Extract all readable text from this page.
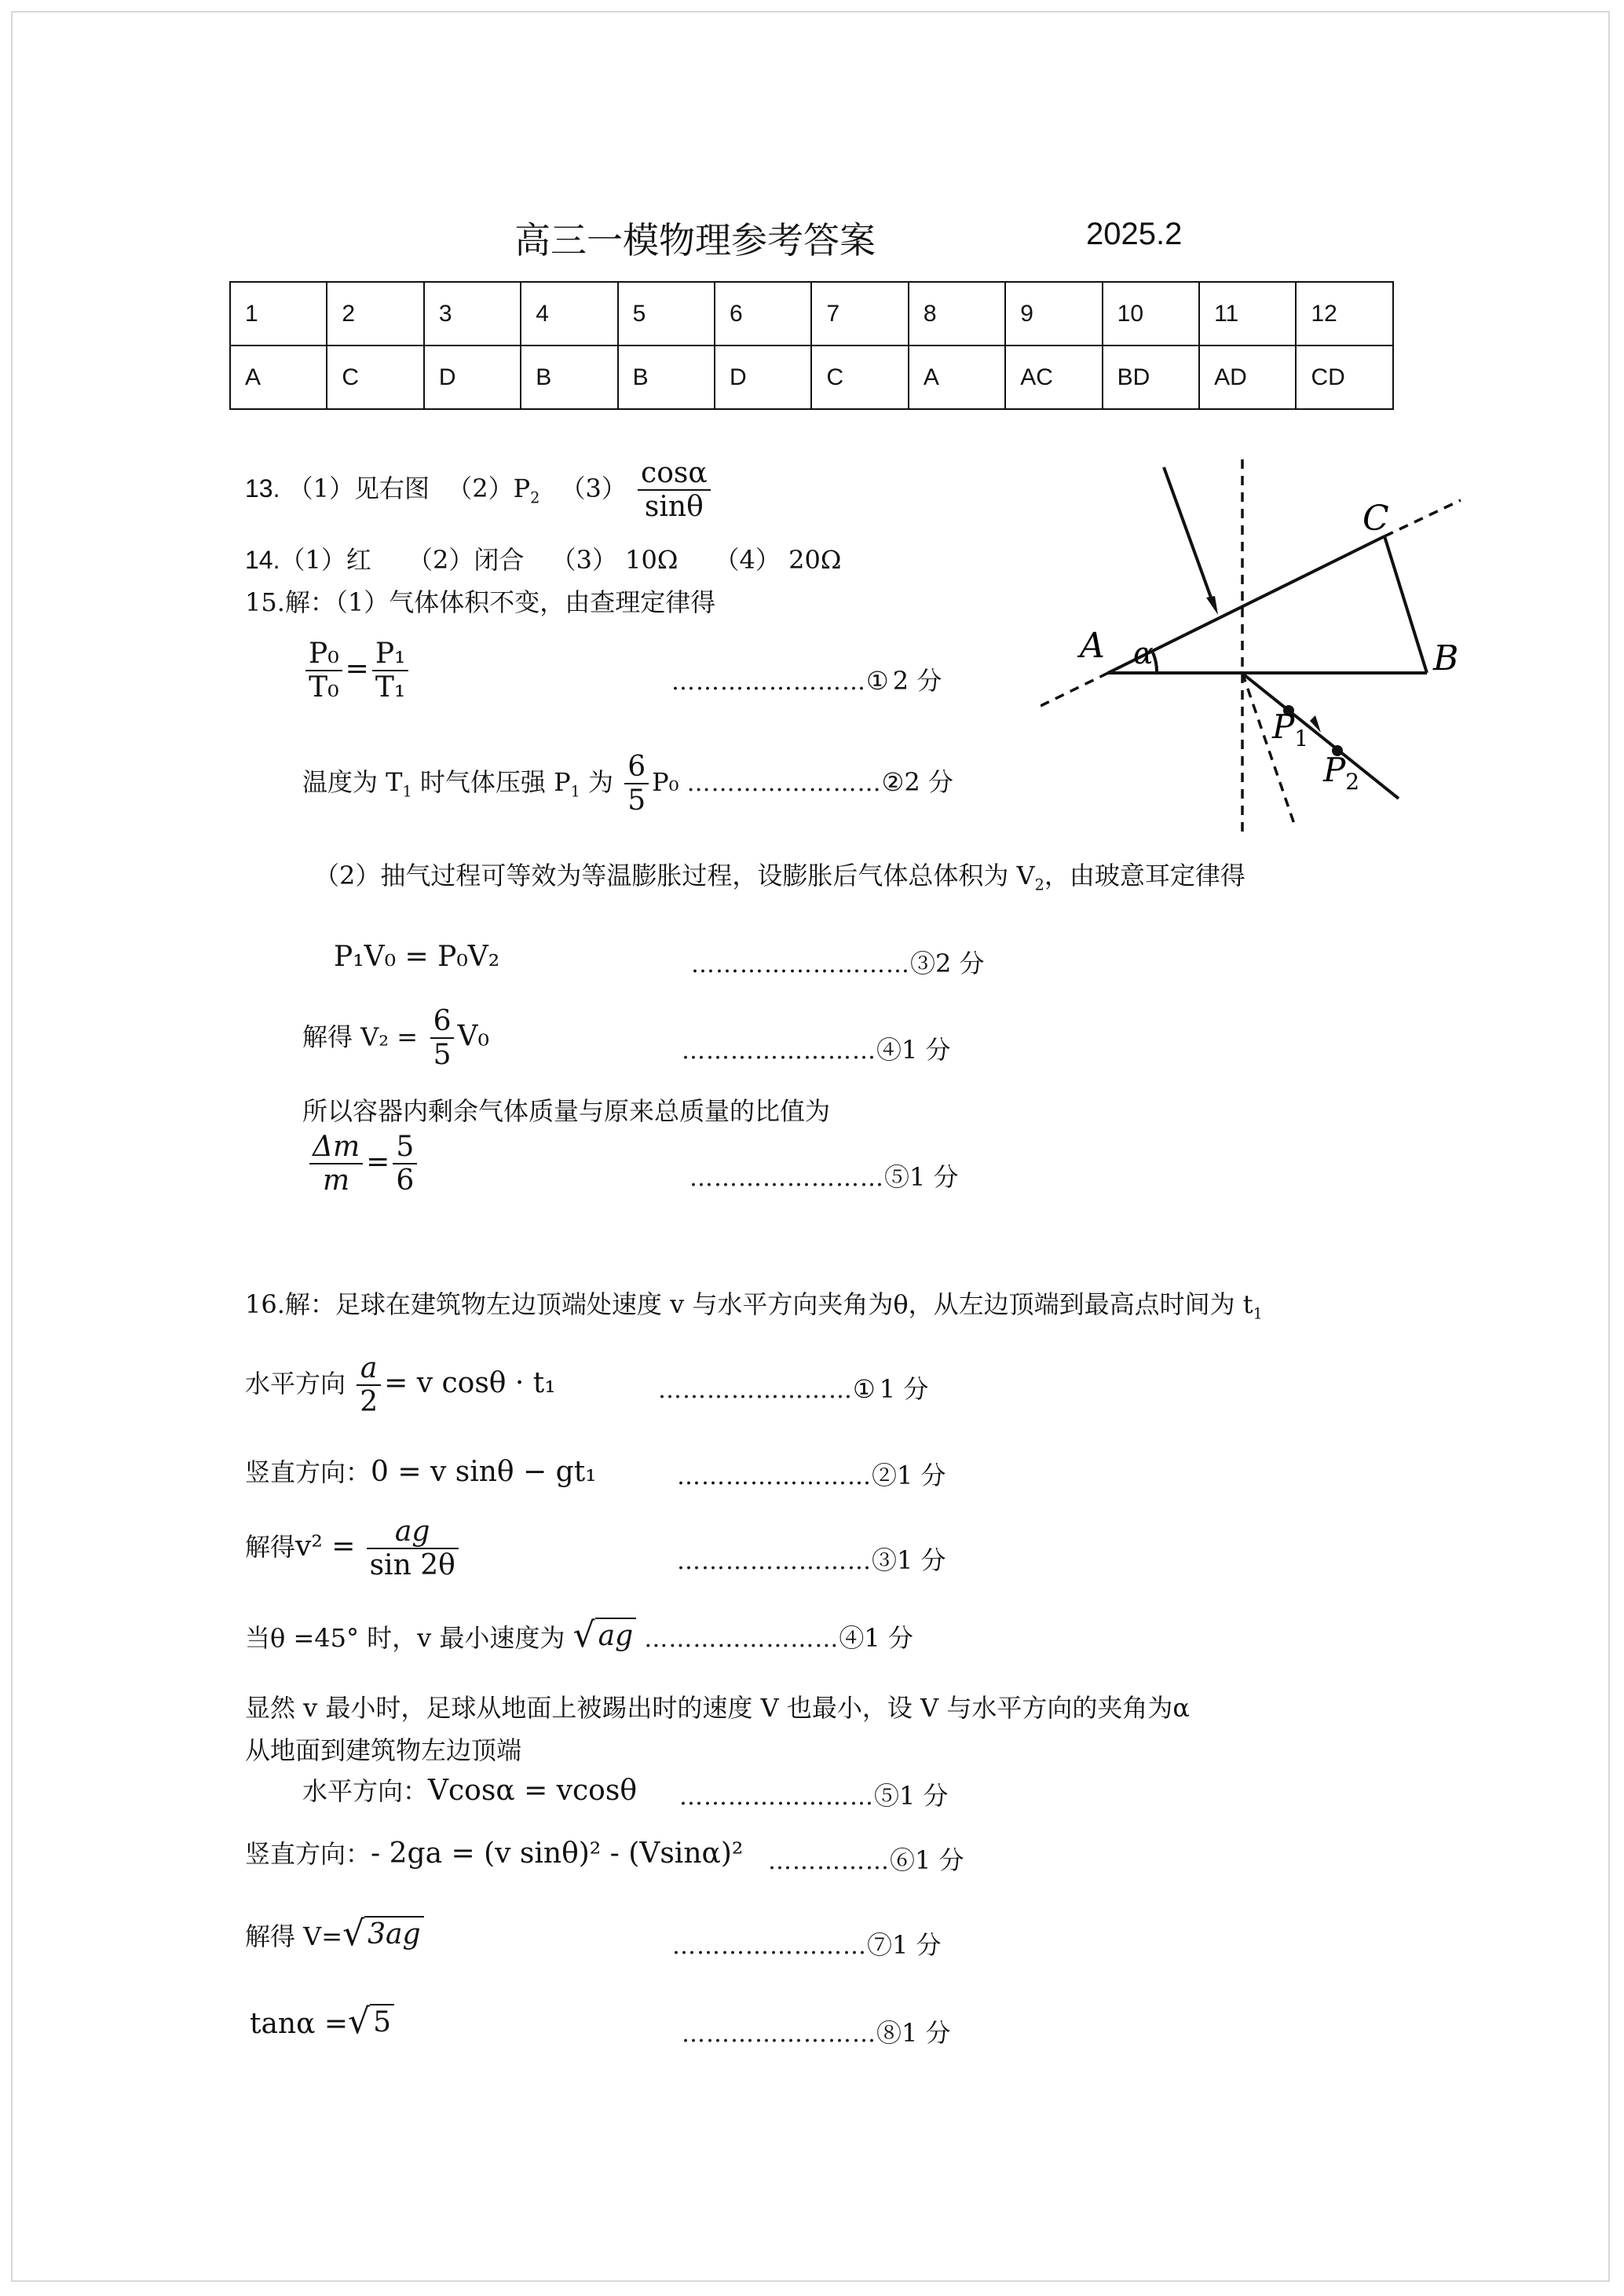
高三一模物理参考答案	2025.2
1	2	3	4	5	6	7	8	9	10	11	12
A	C	D	B	B	D	C	A	AC	BD	AD	CD
13. （1）见右图 $(2)P_2$ $(3) \frac{\cos\alpha}{\sin\theta}$
14.（1）红 （2）闭合 （3） 10Ω （4） 20Ω
15.解：（1）气体体积不变，由查理定律得
$\frac{\text{P₀}}{\text{T₀}} = \frac{\text{P₁}}{\text{T₁}}$	……………………① 2 分
温度为 $T_1$ 时气体压强 $P_1$ 为 $\frac{6}{5} P_0$ ……………………②2 分
（2）抽气过程可等效为等温膨胀过程，设膨胀后气体总体积为 $V_2$，由玻意耳定律得
P₁V₀ = P₀V₂	………………………③2 分
解得 $V_2 = \frac{6}{5} V_0$	……………………④1 分
所以容器内剩余气体质量与原来总质量的比值为
$\frac{\Delta m}{m} = \frac{5}{6}$	……………………⑤1 分
16.解：足球在建筑物左边顶端处速度 v 与水平方向夹角为θ，从左边顶端到最高点时间为 $t_1$
水平方向 $\frac{a}{2} = v$ cosθ · t₁	……………………① 1 分
竖直方向：0 = v sinθ − gt₁	……………………②1 分
解得$v^2 = \frac{ag}{\sin 2\theta}$	……………………③1 分
当θ =45° 时，v 最小速度为 √ ag ……………………④1 分
显然 v 最小时，足球从地面上被踢出时的速度 V 也最小，设 V 与水平方向的夹角为α
从地面到建筑物左边顶端
水平方向：Vcosα = vcosθ ……………………⑤1 分
竖直方向：- 2ga = (v sinθ)² - (Vsinα)² ……………⑥1 分
解得 V= √ 3ag	……………………⑦1 分
tanα = √ 5	……………………⑧1 分
A	B
C
α
$P_1$
$P_2$
